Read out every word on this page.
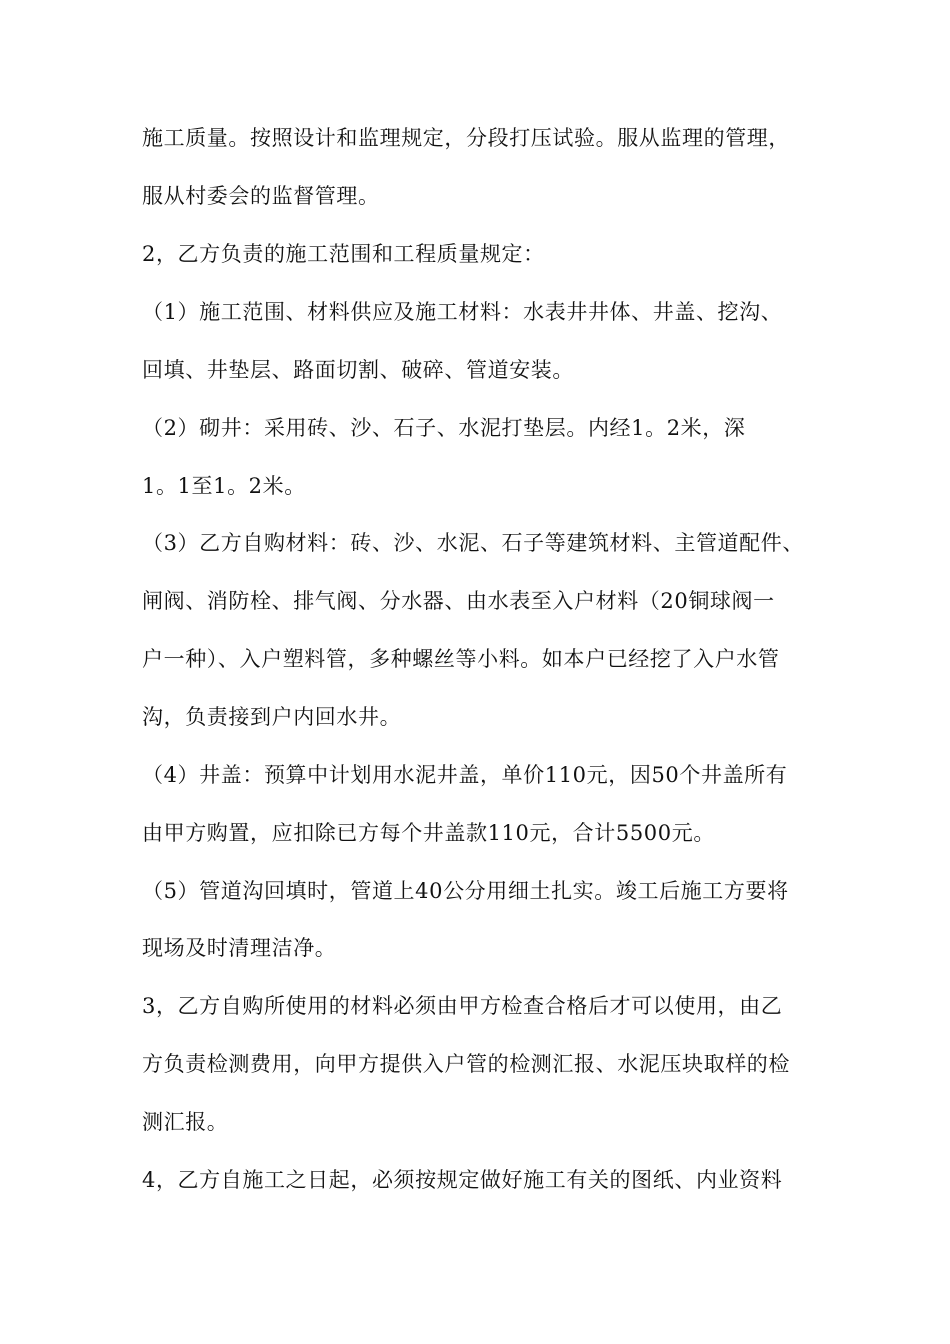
施工质量。按照设计和监理规定，分段打压试验。服从监理的管理，
服从村委会的监督管理。
2，乙方负责的施工范围和工程质量规定：
（1）施工范围、材料供应及施工材料：水表井井体、井盖、挖沟、
回填、井垫层、路面切割、破碎、管道安装。
（2）砌井：采用砖、沙、石子、水泥打垫层。内经1。2米，深
1。1至1。2米。
（3）乙方自购材料：砖、沙、水泥、石子等建筑材料、主管道配件、
闸阀、消防栓、排气阀、分水器、由水表至入户材料（20铜球阀一
户一种）、入户塑料管，多种螺丝等小料。如本户已经挖了入户水管
沟，负责接到户内回水井。
（4）井盖：预算中计划用水泥井盖，单价110元，因50个井盖所有
由甲方购置，应扣除已方每个井盖款110元，合计5500元。
（5）管道沟回填时，管道上40公分用细土扎实。竣工后施工方要将
现场及时清理洁净。
3，乙方自购所使用的材料必须由甲方检查合格后才可以使用，由乙
方负责检测费用，向甲方提供入户管的检测汇报、水泥压块取样的检
测汇报。
4，乙方自施工之日起，必须按规定做好施工有关的图纸、内业资料
